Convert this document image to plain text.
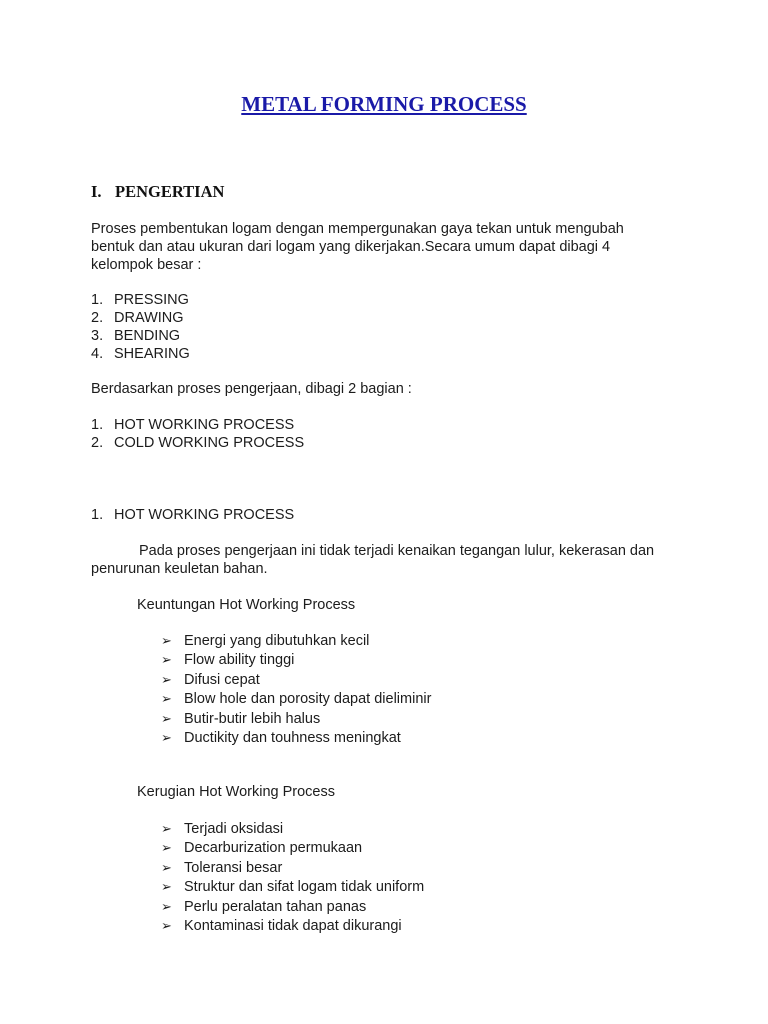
METAL FORMING PROCESS
I. PENGERTIAN
Proses pembentukan logam dengan mempergunakan gaya tekan untuk mengubah
bentuk dan atau ukuran dari logam yang dikerjakan.Secara umum dapat dibagi 4
kelompok besar :
1. PRESSING
2. DRAWING
3. BENDING
4. SHEARING
Berdasarkan proses pengerjaan, dibagi 2 bagian :
1. HOT WORKING PROCESS
2. COLD WORKING PROCESS
1. HOT WORKING PROCESS
Pada proses pengerjaan ini tidak terjadi kenaikan tegangan lulur, kekerasan dan
penurunan keuletan bahan.
Keuntungan Hot Working Process
➢ Energi yang dibutuhkan kecil
➢ Flow ability tinggi
➢ Difusi cepat
➢ Blow hole dan porosity dapat dieliminir
➢ Butir-butir lebih halus
➢ Ductikity dan touhness meningkat
Kerugian Hot Working Process
➢ Terjadi oksidasi
➢ Decarburization permukaan
➢ Toleransi besar
➢ Struktur dan sifat logam tidak uniform
➢ Perlu peralatan tahan panas
➢ Kontaminasi tidak dapat dikurangi
